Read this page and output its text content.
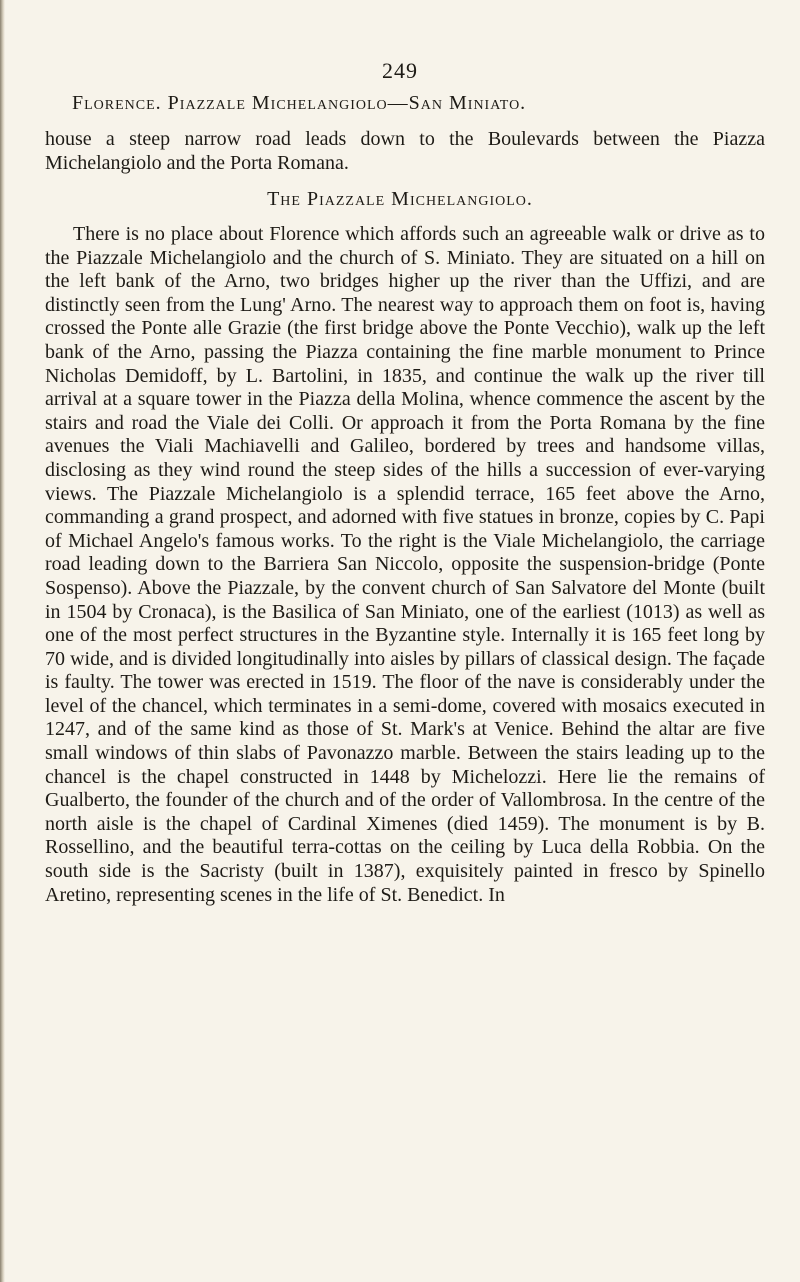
249
Florence. Piazzale Michelangiolo—San Miniato.

house a steep narrow road leads down to the Boulevards between the Piazza Michelangiolo and the Porta Romana.

The Piazzale Michelangiolo.

There is no place about Florence which affords such an agreeable walk or drive as to the Piazzale Michelangiolo and the church of S. Miniato. They are situated on a hill on the left bank of the Arno, two bridges higher up the river than the Uffizi, and are distinctly seen from the Lung' Arno. The nearest way to approach them on foot is, having crossed the Ponte alle Grazie (the first bridge above the Ponte Vecchio), walk up the left bank of the Arno, passing the Piazza containing the fine marble monument to Prince Nicholas Demidoff, by L. Bartolini, in 1835, and continue the walk up the river till arrival at a square tower in the Piazza della Molina, whence commence the ascent by the stairs and road the Viale dei Colli. Or approach it from the Porta Romana by the fine avenues the Viali Machiavelli and Galileo, bordered by trees and handsome villas, disclosing as they wind round the steep sides of the hills a succession of ever-varying views. The Piazzale Michelangiolo is a splendid terrace, 165 feet above the Arno, commanding a grand prospect, and adorned with five statues in bronze, copies by C. Papi of Michael Angelo's famous works. To the right is the Viale Michelangiolo, the carriage road leading down to the Barriera San Niccolo, opposite the suspension-bridge (Ponte Sospenso). Above the Piazzale, by the convent church of San Salvatore del Monte (built in 1504 by Cronaca), is the Basilica of San Miniato, one of the earliest (1013) as well as one of the most perfect structures in the Byzantine style. Internally it is 165 feet long by 70 wide, and is divided longitudinally into aisles by pillars of classical design. The façade is faulty. The tower was erected in 1519. The floor of the nave is considerably under the level of the chancel, which terminates in a semi-dome, covered with mosaics executed in 1247, and of the same kind as those of St. Mark's at Venice. Behind the altar are five small windows of thin slabs of Pavonazzo marble. Between the stairs leading up to the chancel is the chapel constructed in 1448 by Michelozzi. Here lie the remains of Gualberto, the founder of the church and of the order of Vallombrosa. In the centre of the north aisle is the chapel of Cardinal Ximenes (died 1459). The monument is by B. Rossellino, and the beautiful terra-cottas on the ceiling by Luca della Robbia. On the south side is the Sacristy (built in 1387), exquisitely painted in fresco by Spinello Aretino, representing scenes in the life of St. Benedict. In
